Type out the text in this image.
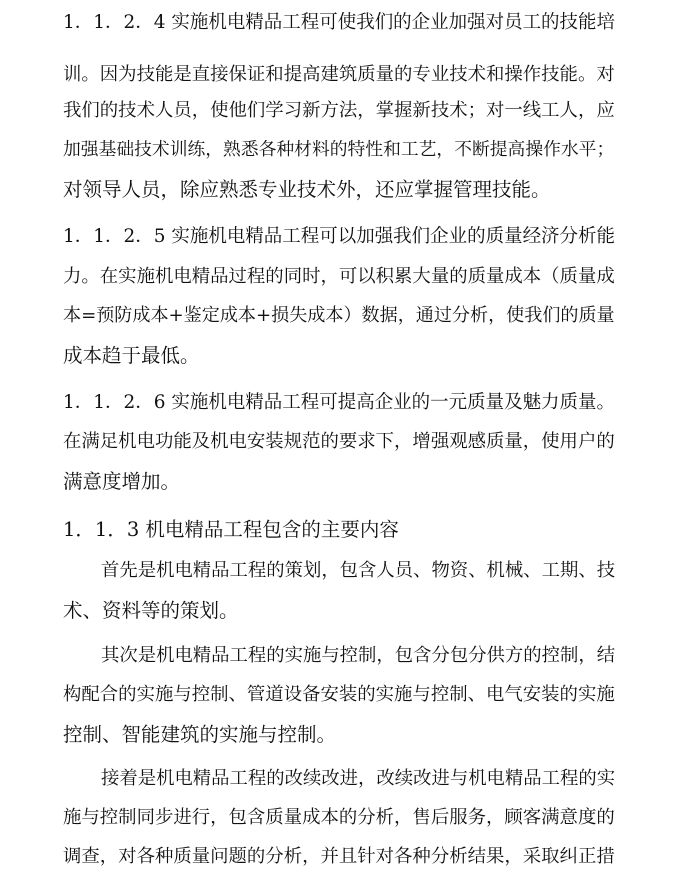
1．1．2．4 实施机电精品工程可使我们的企业加强对员工的技能培
训。因为技能是直接保证和提高建筑质量的专业技术和操作技能。对
我们的技术人员，使他们学习新方法，掌握新技术；对一线工人，应
加强基础技术训练，熟悉各种材料的特性和工艺，不断提高操作水平；
对领导人员，除应熟悉专业技术外，还应掌握管理技能。
1．1．2．5 实施机电精品工程可以加强我们企业的质量经济分析能
力。在实施机电精品过程的同时，可以积累大量的质量成本（质量成
本=预防成本+鉴定成本+损失成本）数据，通过分析，使我们的质量
成本趋于最低。
1．1．2．6 实施机电精品工程可提高企业的一元质量及魅力质量。
在满足机电功能及机电安装规范的要求下，增强观感质量，使用户的
满意度增加。
1．1．3 机电精品工程包含的主要内容
首先是机电精品工程的策划，包含人员、物资、机械、工期、技
术、资料等的策划。
其次是机电精品工程的实施与控制，包含分包分供方的控制，结
构配合的实施与控制、管道设备安装的实施与控制、电气安装的实施
控制、智能建筑的实施与控制。
接着是机电精品工程的改续改进，改续改进与机电精品工程的实
施与控制同步进行，包含质量成本的分析，售后服务，顾客满意度的
调查，对各种质量问题的分析，并且针对各种分析结果，采取纠正措
